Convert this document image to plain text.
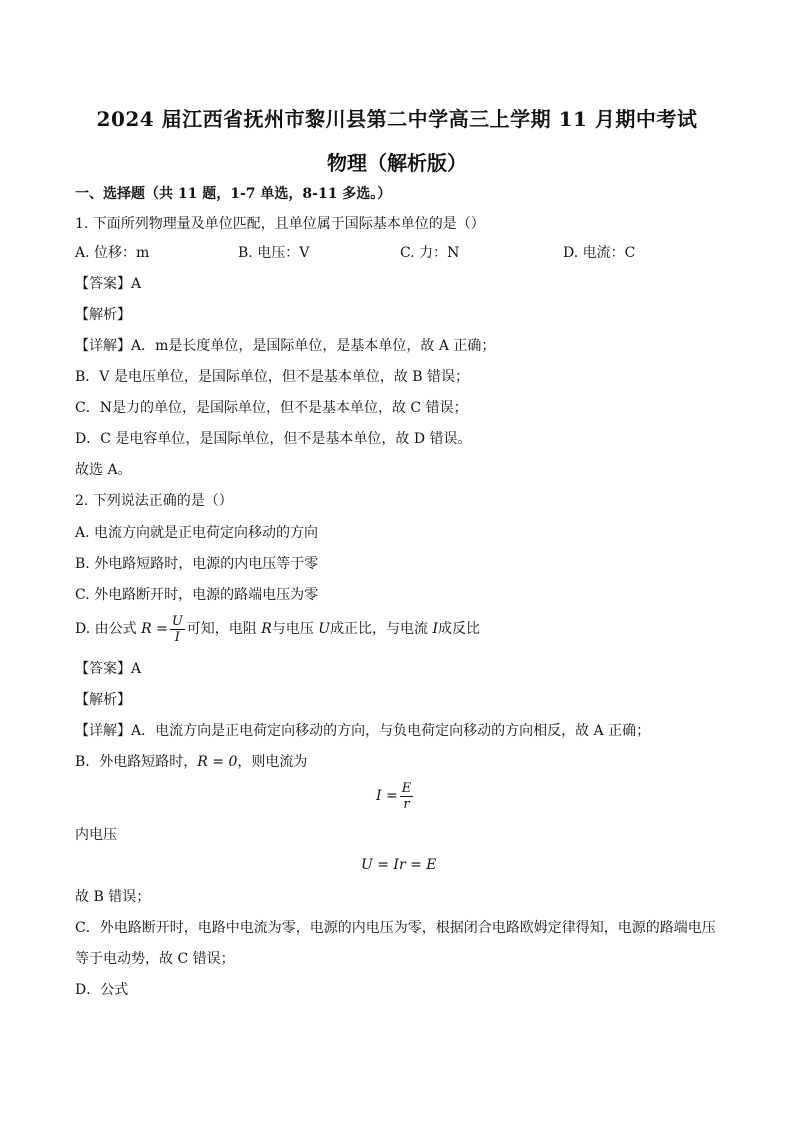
2024 届江西省抚州市黎川县第二中学高三上学期 11 月期中考试
物理（解析版）
一、选择题（共 11 题，1-7 单选，8-11 多选。）
1. 下面所列物理量及单位匹配，且单位属于国际基本单位的是（）
A. 位移：m	B. 电压：V	C. 力：N	D. 电流：C
【答案】A
【解析】
【详解】A．m是长度单位，是国际单位，是基本单位，故 A 正确；
B．V 是电压单位，是国际单位，但不是基本单位，故 B 错误；
C．N是力的单位，是国际单位，但不是基本单位，故 C 错误；
D．C 是电容单位，是国际单位，但不是基本单位，故 D 错误。
故选 A。
2. 下列说法正确的是（）
A. 电流方向就是正电荷定向移动的方向
B. 外电路短路时，电源的内电压等于零
C. 外电路断开时，电源的路端电压为零
D. 由公式 $R = \frac{U}{I}$ 可知，电阻 R与电压 U成正比，与电流 I成反比
【答案】A
【解析】
【详解】A．电流方向是正电荷定向移动的方向，与负电荷定向移动的方向相反，故 A 正确；
B．外电路短路时，R = 0，则电流为
$I = \frac{E}{r}$
内电压
U = Ir = E
故 B 错误；
C．外电路断开时，电路中电流为零，电源的内电压为零，根据闭合电路欧姆定律得知，电源的路端电压
等于电动势，故 C 错误；
D．公式
